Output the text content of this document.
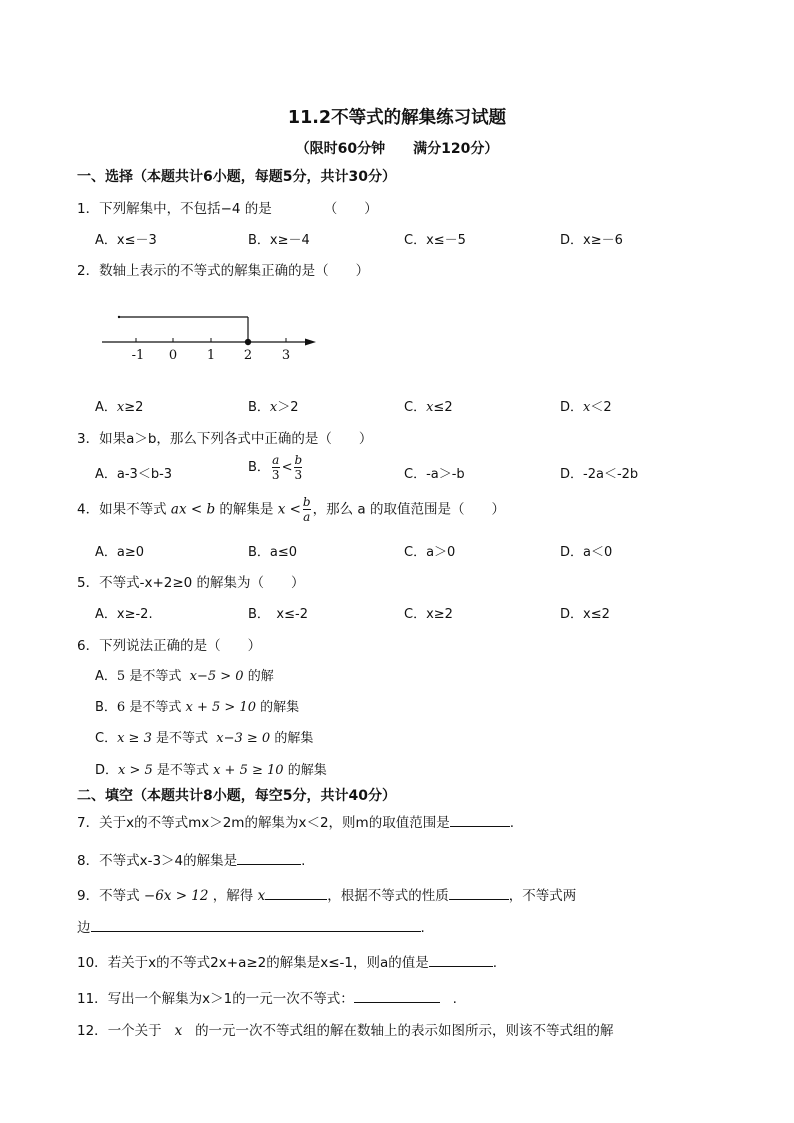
11.2不等式的解集练习试题
（限时60分钟 满分120分）
一、选择（本题共计6小题，每题5分，共计30分）
1．下列解集中，不包括−4 的是	（　　）
A．x≤－3	B．x≥－4	C．x≤－5	D．x≥－6
2．数轴上表示的不等式的解集正确的是（　　）
-1 0 1 2 3
A．x≥2	B．x＞2	C．x≤2	D．x＜2
3．如果a＞b，那么下列各式中正确的是（　　）
A．a-3＜b-3	B． $\frac{a}{3} < \frac{b}{3}$	C．-a＞-b	D．-2a＜-2b
4．如果不等式 ax < b 的解集是 $x < \frac{b}{a}$ ，那么 a 的取值范围是（　　）
A．a≥0	B．a≤0	C．a＞0	D．a＜0
5．不等式-x+2≥0 的解集为（　　）
A．x≥-2.	B．　x≤-2	C．x≥2	D．x≤2
6．下列说法正确的是（　　）
A．5 是不等式 x−5 > 0 的解
B．6 是不等式 x + 5 > 10 的解集
C．x ≥ 3 是不等式 x−3 ≥ 0 的解集
D．x > 5 是不等式 x + 5 ≥ 10 的解集
二、填空（本题共计8小题，每空5分，共计40分）
7．关于x的不等式mx＞2m的解集为x＜2，则m的取值范围是	.
8．不等式x-3＞4的解集是	.
9．不等式 −6x > 12 ，解得 x	，根据不等式的性质	，不等式两
边	.
10．若关于x的不等式2x+a≥2的解集是x≤-1，则a的值是	.
11．写出一个解集为x＞1的一元一次不等式：	.
12．一个关于 x 的一元一次不等式组的解在数轴上的表示如图所示，则该不等式组的解
